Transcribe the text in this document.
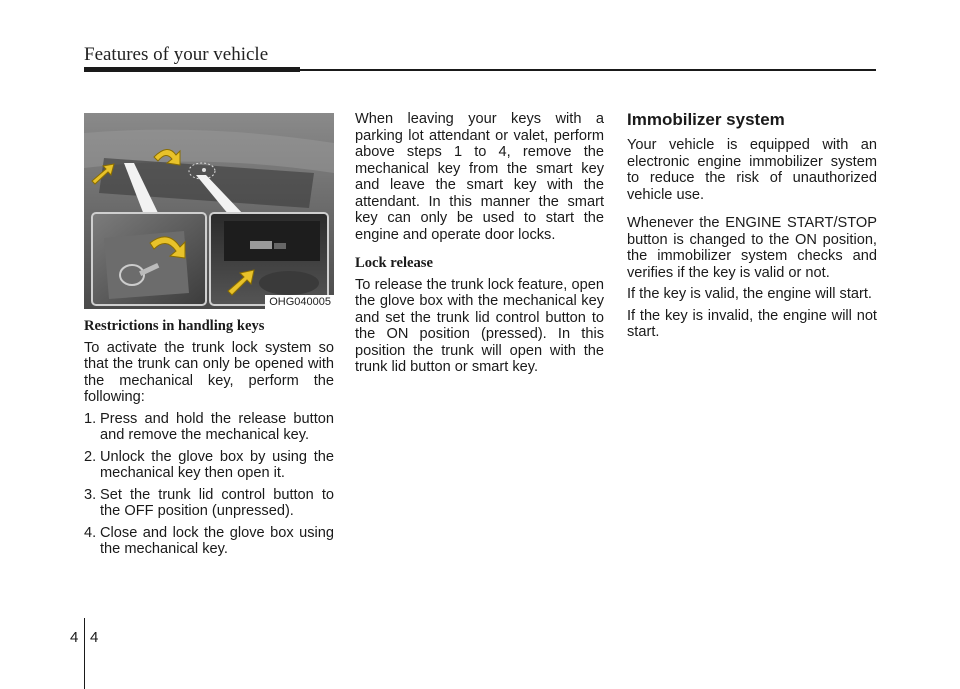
Features of your vehicle
OHG040005
Restrictions in handling keys

To activate the trunk lock system so that the trunk can only be opened with the mechanical key, perform the following:

1. Press and hold the release button and remove the mechanical key.
2. Unlock the glove box by using the mechanical key then open it.
3. Set the trunk lid control button to the OFF position (unpressed).
4. Close and lock the glove box using the mechanical key.

When leaving your keys with a parking lot attendant or valet, perform above steps 1 to 4, remove the mechanical key from the smart key and leave the smart key with the attendant. In this manner the smart key can only be used to start the engine and operate door locks.

Lock release

To release the trunk lock feature, open the glove box with the mechanical key and set the trunk lid control button to the ON position (pressed). In this position the trunk will open with the trunk lid button or smart key.

Immobilizer system

Your vehicle is equipped with an electronic engine immobilizer system to reduce the risk of unauthorized vehicle use.

Whenever the ENGINE START/STOP button is changed to the ON position, the immobilizer system checks and verifies if the key is valid or not.

If the key is valid, the engine will start.

If the key is invalid, the engine will not start.

4 4
